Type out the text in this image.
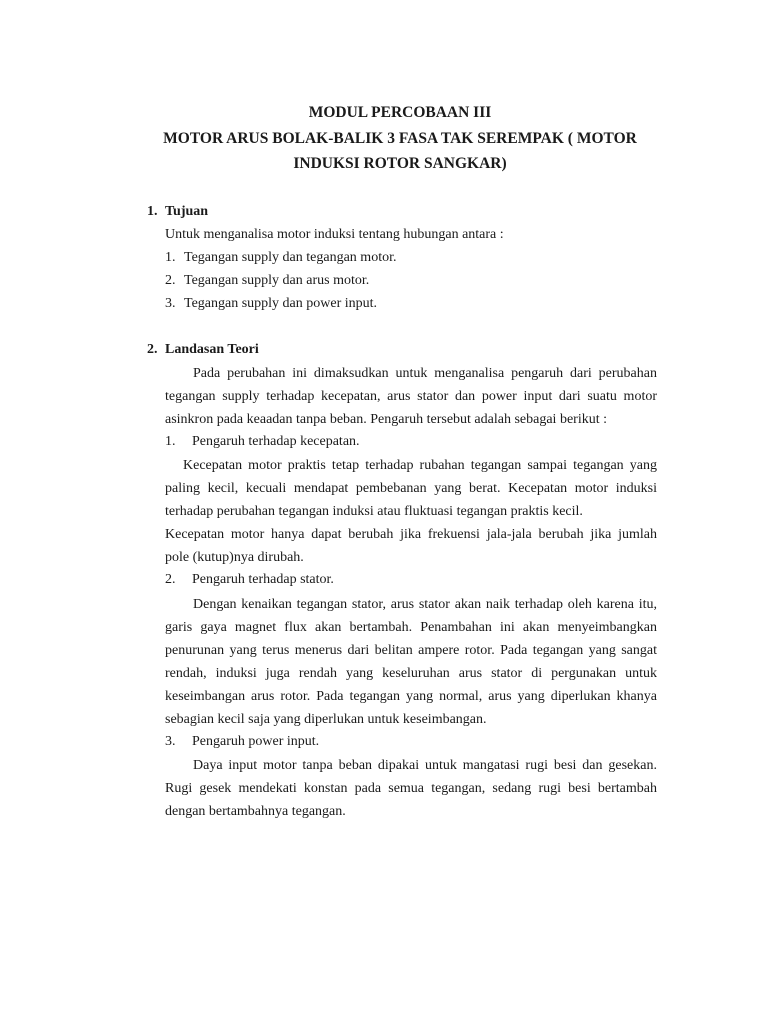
MODUL PERCOBAAN III

MOTOR ARUS BOLAK-BALIK 3 FASA TAK SEREMPAK ( MOTOR

INDUKSI ROTOR SANGKAR)

1. Tujuan

Untuk menganalisa motor induksi tentang hubungan antara :

1. Tegangan supply dan tegangan motor.

2. Tegangan supply dan arus motor.

3. Tegangan supply dan power input.

2. Landasan Teori

Pada perubahan ini dimaksudkan untuk menganalisa pengaruh dari perubahan

tegangan supply terhadap kecepatan, arus stator dan power input dari suatu motor

asinkron pada keaadan tanpa beban. Pengaruh tersebut adalah sebagai berikut :

1. Pengaruh terhadap kecepatan.

Kecepatan motor praktis tetap terhadap rubahan tegangan sampai tegangan yang

paling kecil, kecuali mendapat pembebanan yang berat. Kecepatan motor induksi

terhadap perubahan tegangan induksi atau fluktuasi tegangan praktis kecil.

Kecepatan motor hanya dapat berubah jika frekuensi jala-jala berubah jika jumlah

pole (kutup)nya dirubah.

2. Pengaruh terhadap stator.

Dengan kenaikan tegangan stator, arus stator akan naik terhadap oleh karena itu,

garis gaya magnet flux akan bertambah. Penambahan ini akan menyeimbangkan

penurunan yang terus menerus dari belitan ampere rotor. Pada tegangan yang sangat

rendah, induksi juga rendah yang keseluruhan arus stator di pergunakan untuk

keseimbangan arus rotor. Pada tegangan yang normal, arus yang diperlukan khanya

sebagian kecil saja yang diperlukan untuk keseimbangan.

3. Pengaruh power input.

Daya input motor tanpa beban dipakai untuk mangatasi rugi besi dan gesekan.

Rugi gesek mendekati konstan pada semua tegangan, sedang rugi besi bertambah

dengan bertambahnya tegangan.
